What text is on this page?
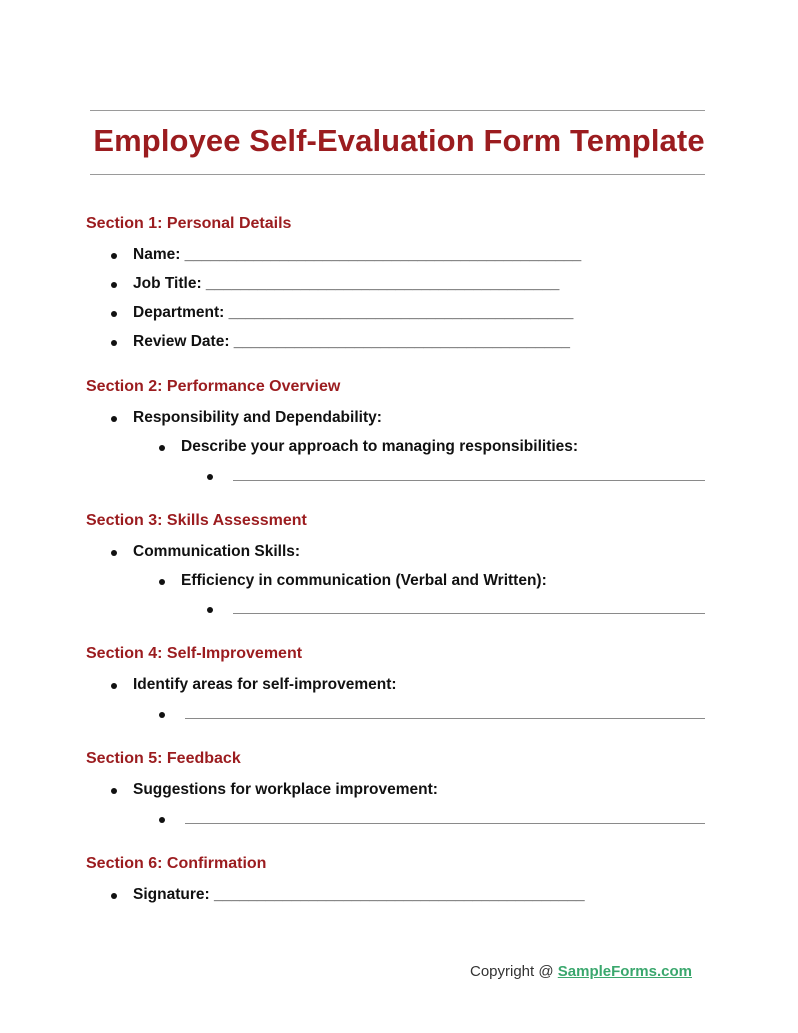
Employee Self-Evaluation Form Template
Section 1: Personal Details
Name: ______________________________________________
Job Title: _________________________________________
Department: ________________________________________
Review Date: _______________________________________
Section 2: Performance Overview
Responsibility and Dependability:
Describe your approach to managing responsibilities:
Section 3: Skills Assessment
Communication Skills:
Efficiency in communication (Verbal and Written):
Section 4: Self-Improvement
Identify areas for self-improvement:
Section 5: Feedback
Suggestions for workplace improvement:
Section 6: Confirmation
Signature: ___________________________________________
Copyright @ SampleForms.com
